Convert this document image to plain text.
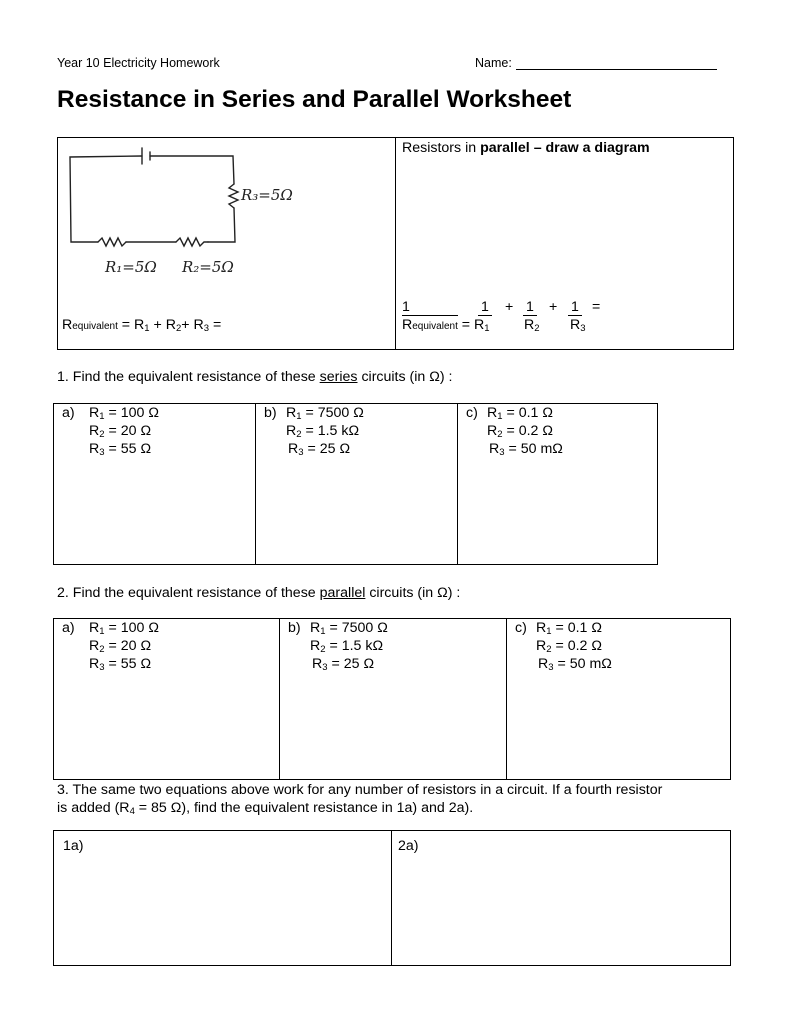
Year 10 Electricity Homework	Name:
Resistance in Series and Parallel Worksheet
R₁=5Ω R₂=5Ω
R₃=5Ω
Requivalent = $R_1 + R_2+ R_3$ =
Resistors in parallel – draw a diagram
1	1 + 1 + 1 =
Requivalent = $R_1$ $R_2$ $R_3$
1. Find the equivalent resistance of these series circuits (in Ω) :
a) $R_1 = 100$ Ω
$R_2 = 20$ Ω
$R_3 = 55$ Ω
b) $R_1 = 7500$ Ω
$R_2 = 1.5$ kΩ
$R_3 = 25$ Ω
c) $R_1 = 0.1$ Ω
$R_2 = 0.2$ Ω
$R_3 = 50$ mΩ
2. Find the equivalent resistance of these parallel circuits (in Ω) :
a) $R_1 = 100$ Ω
$R_2 = 20$ Ω
$R_3 = 55$ Ω
b) $R_1 = 7500$ Ω
$R_2 = 1.5$ kΩ
$R_3 = 25$ Ω
c) $R_1 = 0.1$ Ω
$R_2 = 0.2$ Ω
$R_3 = 50$ mΩ
3. The same two equations above work for any number of resistors in a circuit. If a fourth resistor
is added ($R_4 = 85$ Ω), find the equivalent resistance in 1a) and 2a).
1a)	2a)
